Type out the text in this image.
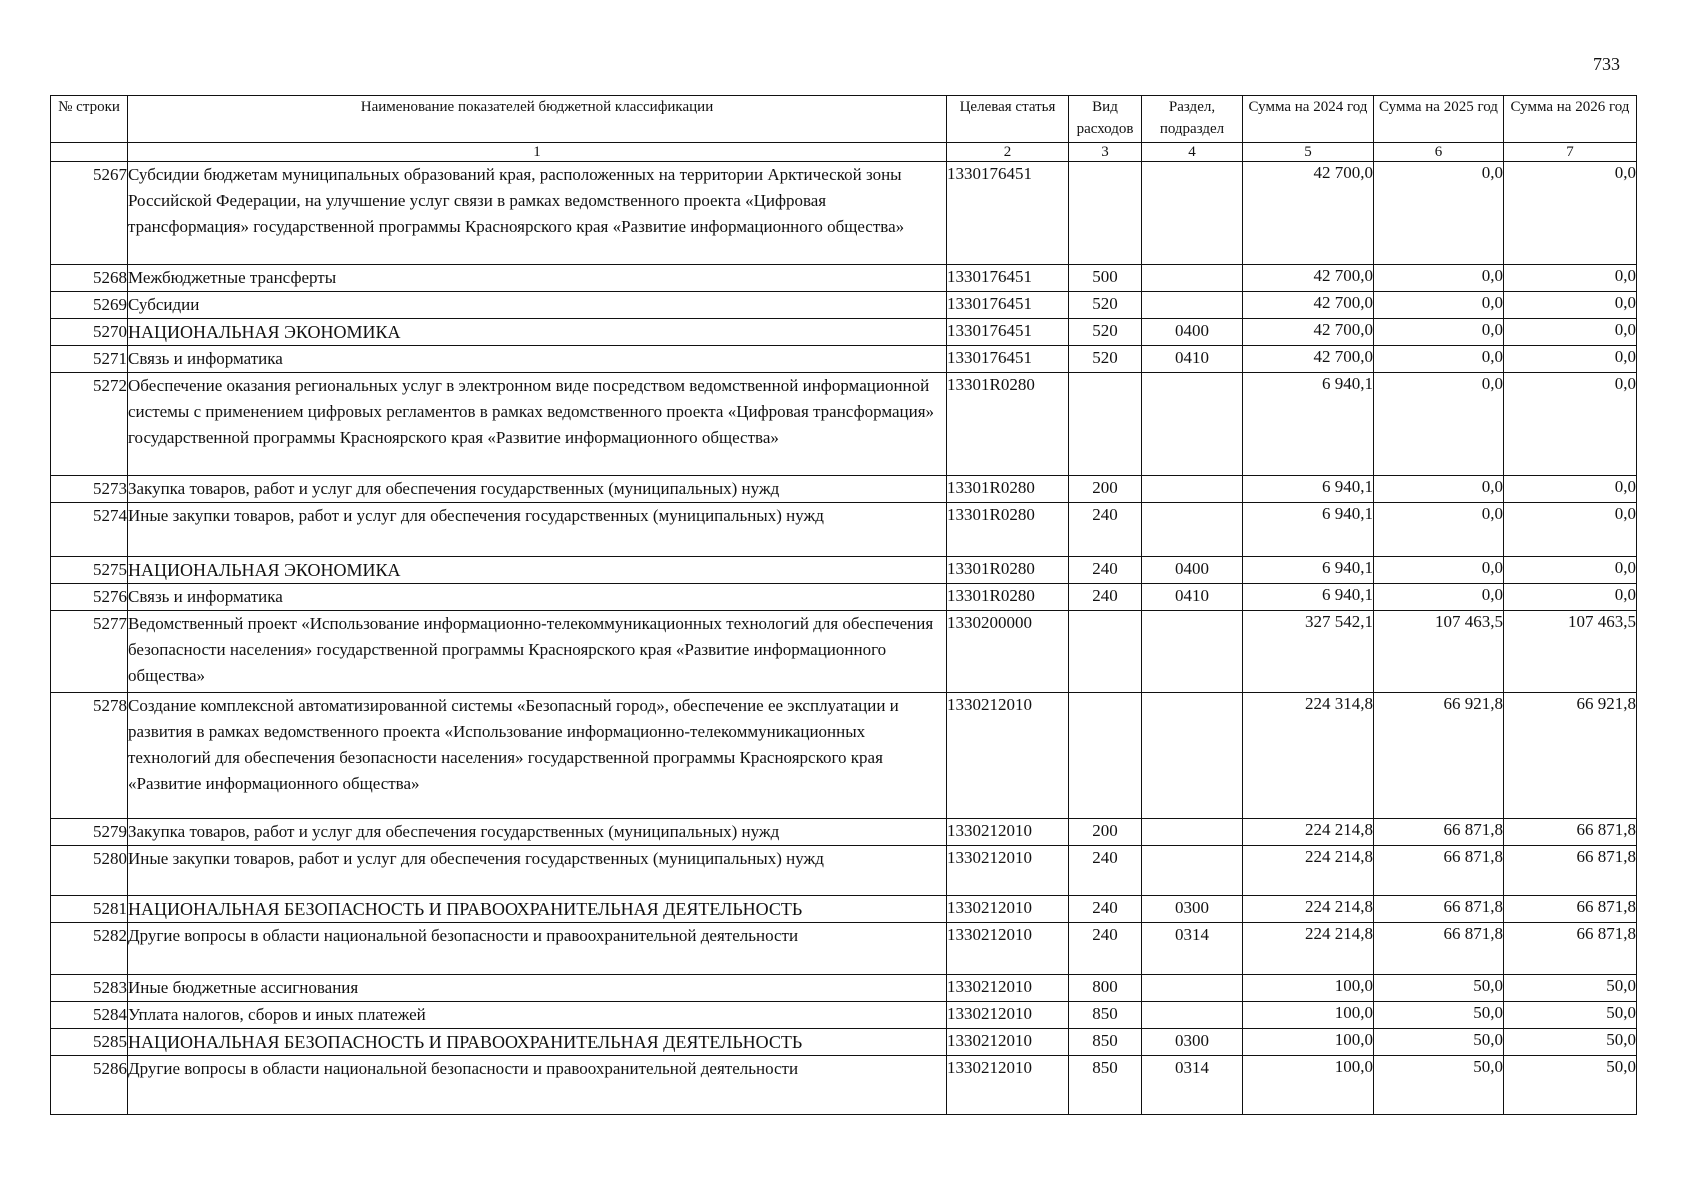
733
№ строки	Наименование показателей бюджетной классификации	Целевая статья	Вид расходов	Раздел, подраздел	Сумма на 2024 год	Сумма на 2025 год	Сумма на 2026 год
	1	2	3	4	5	6	7
5267	Субсидии бюджетам муниципальных образований края, расположенных на территории Арктической зоны Российской Федерации, на улучшение услуг связи в рамках ведомственного проекта «Цифровая трансформация» государственной программы Красноярского края «Развитие информационного общества»	1330176451			42 700,0	0,0	0,0
5268	Межбюджетные трансферты	1330176451	500		42 700,0	0,0	0,0
5269	Субсидии	1330176451	520		42 700,0	0,0	0,0
5270	НАЦИОНАЛЬНАЯ ЭКОНОМИКА	1330176451	520	0400	42 700,0	0,0	0,0
5271	Связь и информатика	1330176451	520	0410	42 700,0	0,0	0,0
5272	Обеспечение оказания региональных услуг в электронном виде посредством ведомственной информационной системы с применением цифровых регламентов в рамках ведомственного проекта «Цифровая трансформация» государственной программы Красноярского края «Развитие информационного общества»	13301R0280			6 940,1	0,0	0,0
5273	Закупка товаров, работ и услуг для обеспечения государственных (муниципальных) нужд	13301R0280	200		6 940,1	0,0	0,0
5274	Иные закупки товаров, работ и услуг для обеспечения государственных (муниципальных) нужд	13301R0280	240		6 940,1	0,0	0,0
5275	НАЦИОНАЛЬНАЯ ЭКОНОМИКА	13301R0280	240	0400	6 940,1	0,0	0,0
5276	Связь и информатика	13301R0280	240	0410	6 940,1	0,0	0,0
5277	Ведомственный проект «Использование информационно-телекоммуникационных технологий для обеспечения безопасности населения» государственной программы Красноярского края «Развитие информационного общества»	1330200000			327 542,1	107 463,5	107 463,5
5278	Создание комплексной автоматизированной системы «Безопасный город», обеспечение ее эксплуатации и развития в рамках ведомственного проекта «Использование информационно-телекоммуникационных технологий для обеспечения безопасности населения» государственной программы Красноярского края «Развитие информационного общества»	1330212010			224 314,8	66 921,8	66 921,8
5279	Закупка товаров, работ и услуг для обеспечения государственных (муниципальных) нужд	1330212010	200		224 214,8	66 871,8	66 871,8
5280	Иные закупки товаров, работ и услуг для обеспечения государственных (муниципальных) нужд	1330212010	240		224 214,8	66 871,8	66 871,8
5281	НАЦИОНАЛЬНАЯ БЕЗОПАСНОСТЬ И ПРАВООХРАНИТЕЛЬНАЯ ДЕЯТЕЛЬНОСТЬ	1330212010	240	0300	224 214,8	66 871,8	66 871,8
5282	Другие вопросы в области национальной безопасности и правоохранительной деятельности	1330212010	240	0314	224 214,8	66 871,8	66 871,8
5283	Иные бюджетные ассигнования	1330212010	800		100,0	50,0	50,0
5284	Уплата налогов, сборов и иных платежей	1330212010	850		100,0	50,0	50,0
5285	НАЦИОНАЛЬНАЯ БЕЗОПАСНОСТЬ И ПРАВООХРАНИТЕЛЬНАЯ ДЕЯТЕЛЬНОСТЬ	1330212010	850	0300	100,0	50,0	50,0
5286	Другие вопросы в области национальной безопасности и правоохранительной деятельности	1330212010	850	0314	100,0	50,0	50,0
